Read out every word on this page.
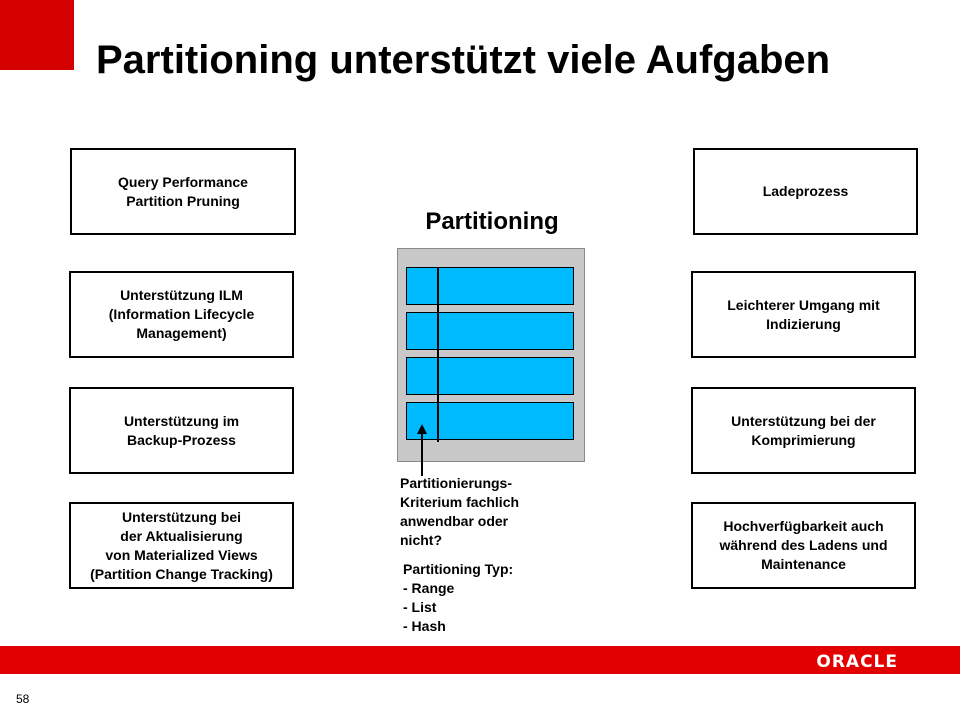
Partitioning unterstützt viele Aufgaben
Query Performance
Partition Pruning
Unterstützung ILM
(Information Lifecycle
Management)
Unterstützung im
Backup-Prozess
Unterstützung bei
der Aktualisierung
von Materialized Views
(Partition Change Tracking)
Ladeprozess
Leichterer Umgang mit
Indizierung
Unterstützung bei der
Komprimierung
Hochverfügbarkeit auch
während des Ladens und
Maintenance
Partitioning
Partitionierungs-
Kriterium fachlich
anwendbar oder
nicht?
Partitioning Typ:
- Range
- List
- Hash
ORACLE
58
